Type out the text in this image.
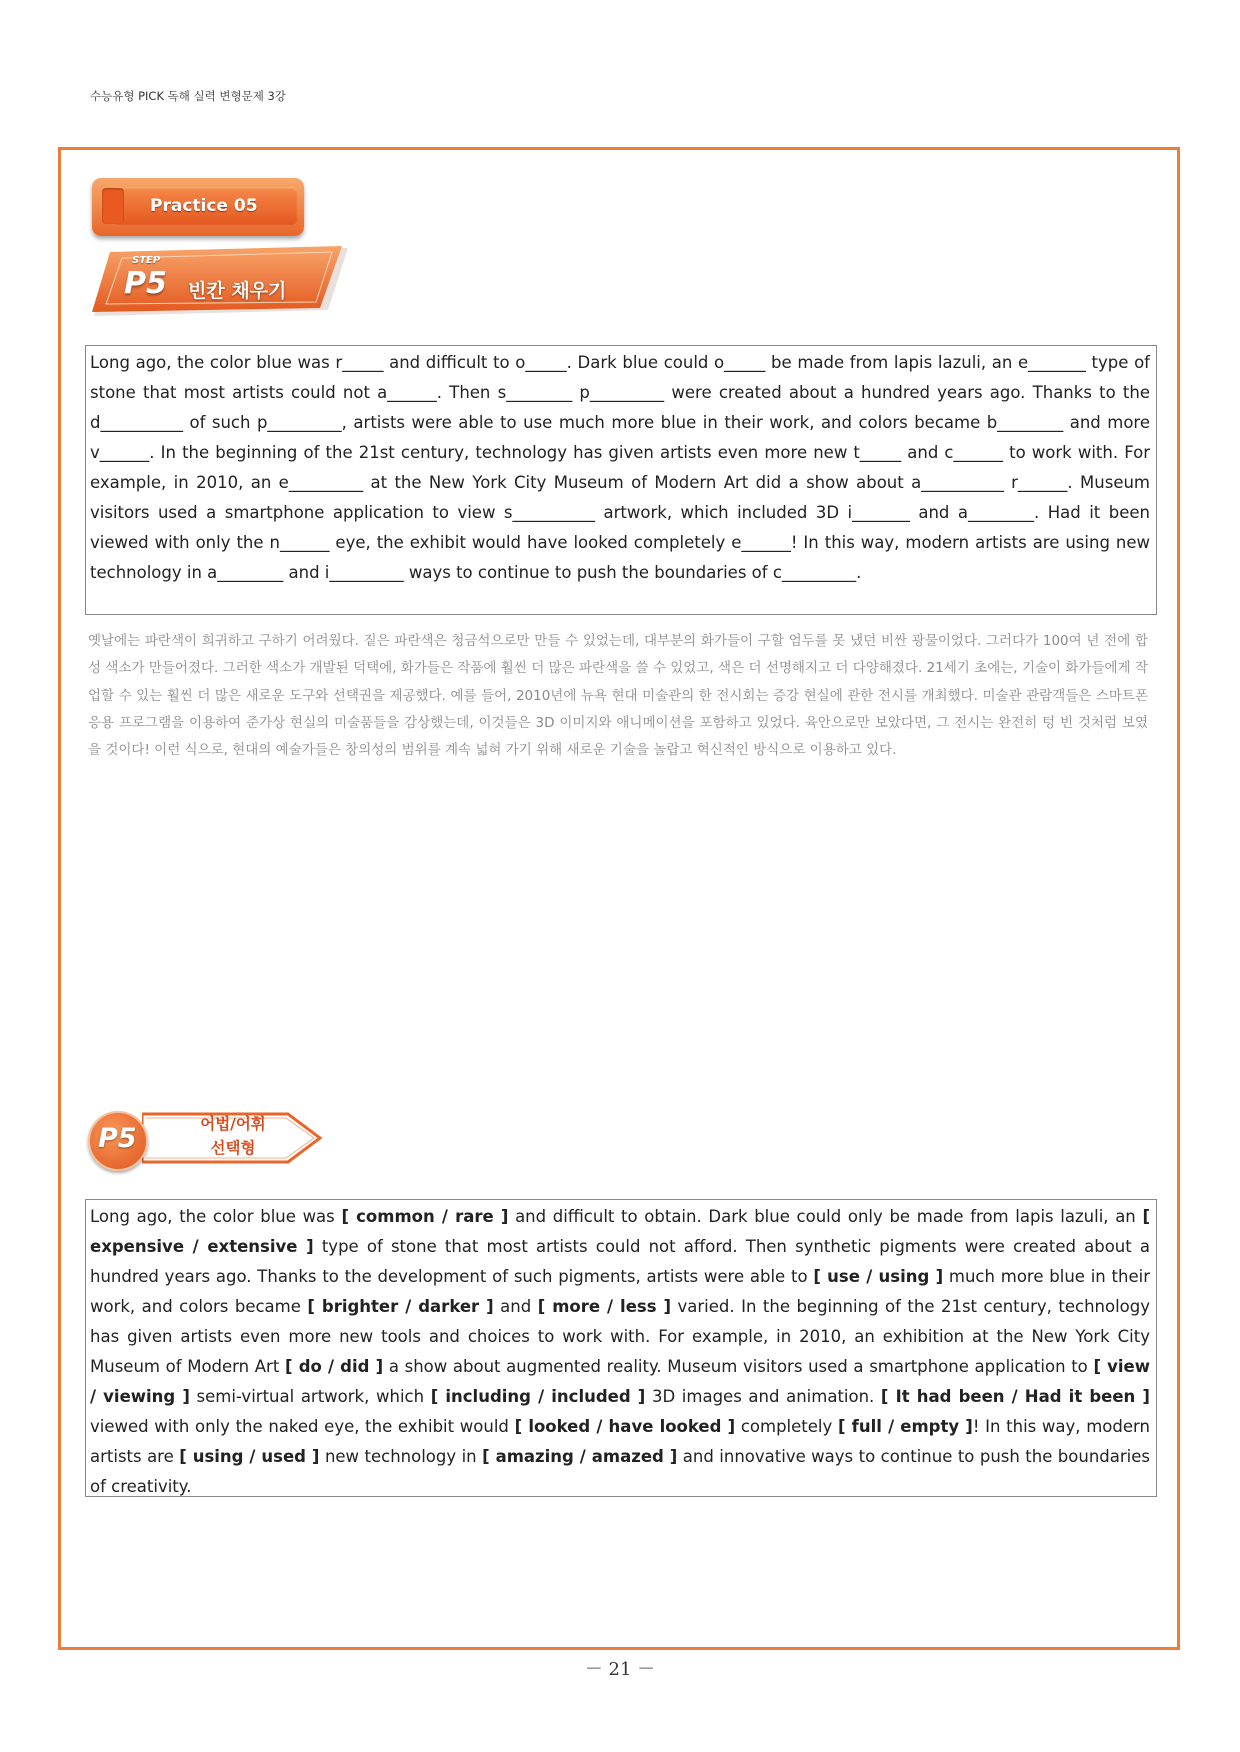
수능유형 PICK 독해 실력 변형문제 3강
Practice 05
STEP
P5 빈칸 채우기
Long ago, the color blue was r_____ and difficult to o_____. Dark blue could o_____ be made from lapis lazuli, an e_______ type of stone that most artists could not a______. Then s________ p_________ were created about a hundred years ago. Thanks to the d__________ of such p_________, artists were able to use much more blue in their work, and colors became b________ and more v______. In the beginning of the 21st century, technology has given artists even more new t_____ and c______ to work with. For example, in 2010, an e_________ at the New York City Museum of Modern Art did a show about a__________ r______. Museum visitors used a smartphone application to view s__________ artwork, which included 3D i_______ and a________. Had it been viewed with only the n______ eye, the exhibit would have looked completely e______! In this way, modern artists are using new technology in a________ and i_________ ways to continue to push the boundaries of c_________.
옛날에는 파란색이 희귀하고 구하기 어려웠다. 짙은 파란색은 청금석으로만 만들 수 있었는데, 대부분의 화가들이 구할 엄두를 못 냈던 비싼 광물이었다. 그러다가 100여 년 전에 합성 색소가 만들어졌다. 그러한 색소가 개발된 덕택에, 화가들은 작품에 훨씬 더 많은 파란색을 쓸 수 있었고, 색은 더 선명해지고 더 다양해졌다. 21세기 초에는, 기술이 화가들에게 작업할 수 있는 훨씬 더 많은 새로운 도구와 선택권을 제공했다. 예를 들어, 2010년에 뉴욕 현대 미술관의 한 전시회는 증강 현실에 관한 전시를 개최했다. 미술관 관람객들은 스마트폰 응용 프로그램을 이용하여 준가상 현실의 미술품들을 감상했는데, 이것들은 3D 이미지와 애니메이션을 포함하고 있었다. 육안으로만 보았다면, 그 전시는 완전히 텅 빈 것처럼 보였을 것이다! 이런 식으로, 현대의 예술가들은 창의성의 범위를 계속 넓혀 가기 위해 새로운 기술을 놀랍고 혁신적인 방식으로 이용하고 있다.
P5	어법/어휘
선택형
Long ago, the color blue was [ common / rare ] and difficult to obtain. Dark blue could only be made from lapis lazuli, an [ expensive / extensive ] type of stone that most artists could not afford. Then synthetic pigments were created about a hundred years ago. Thanks to the development of such pigments, artists were able to [ use / using ] much more blue in their work, and colors became [ brighter / darker ] and [ more / less ] varied. In the beginning of the 21st century, technology has given artists even more new tools and choices to work with. For example, in 2010, an exhibition at the New York City Museum of Modern Art [ do / did ] a show about augmented reality. Museum visitors used a smartphone application to [ view / viewing ] semi-virtual artwork, which [ including / included ] 3D images and animation. [ It had been / Had it been ] viewed with only the naked eye, the exhibit would [ looked / have looked ] completely [ full / empty ]! In this way, modern artists are [ using / used ] new technology in [ amazing / amazed ] and innovative ways to continue to push the boundaries of creativity.
－ 21 －
